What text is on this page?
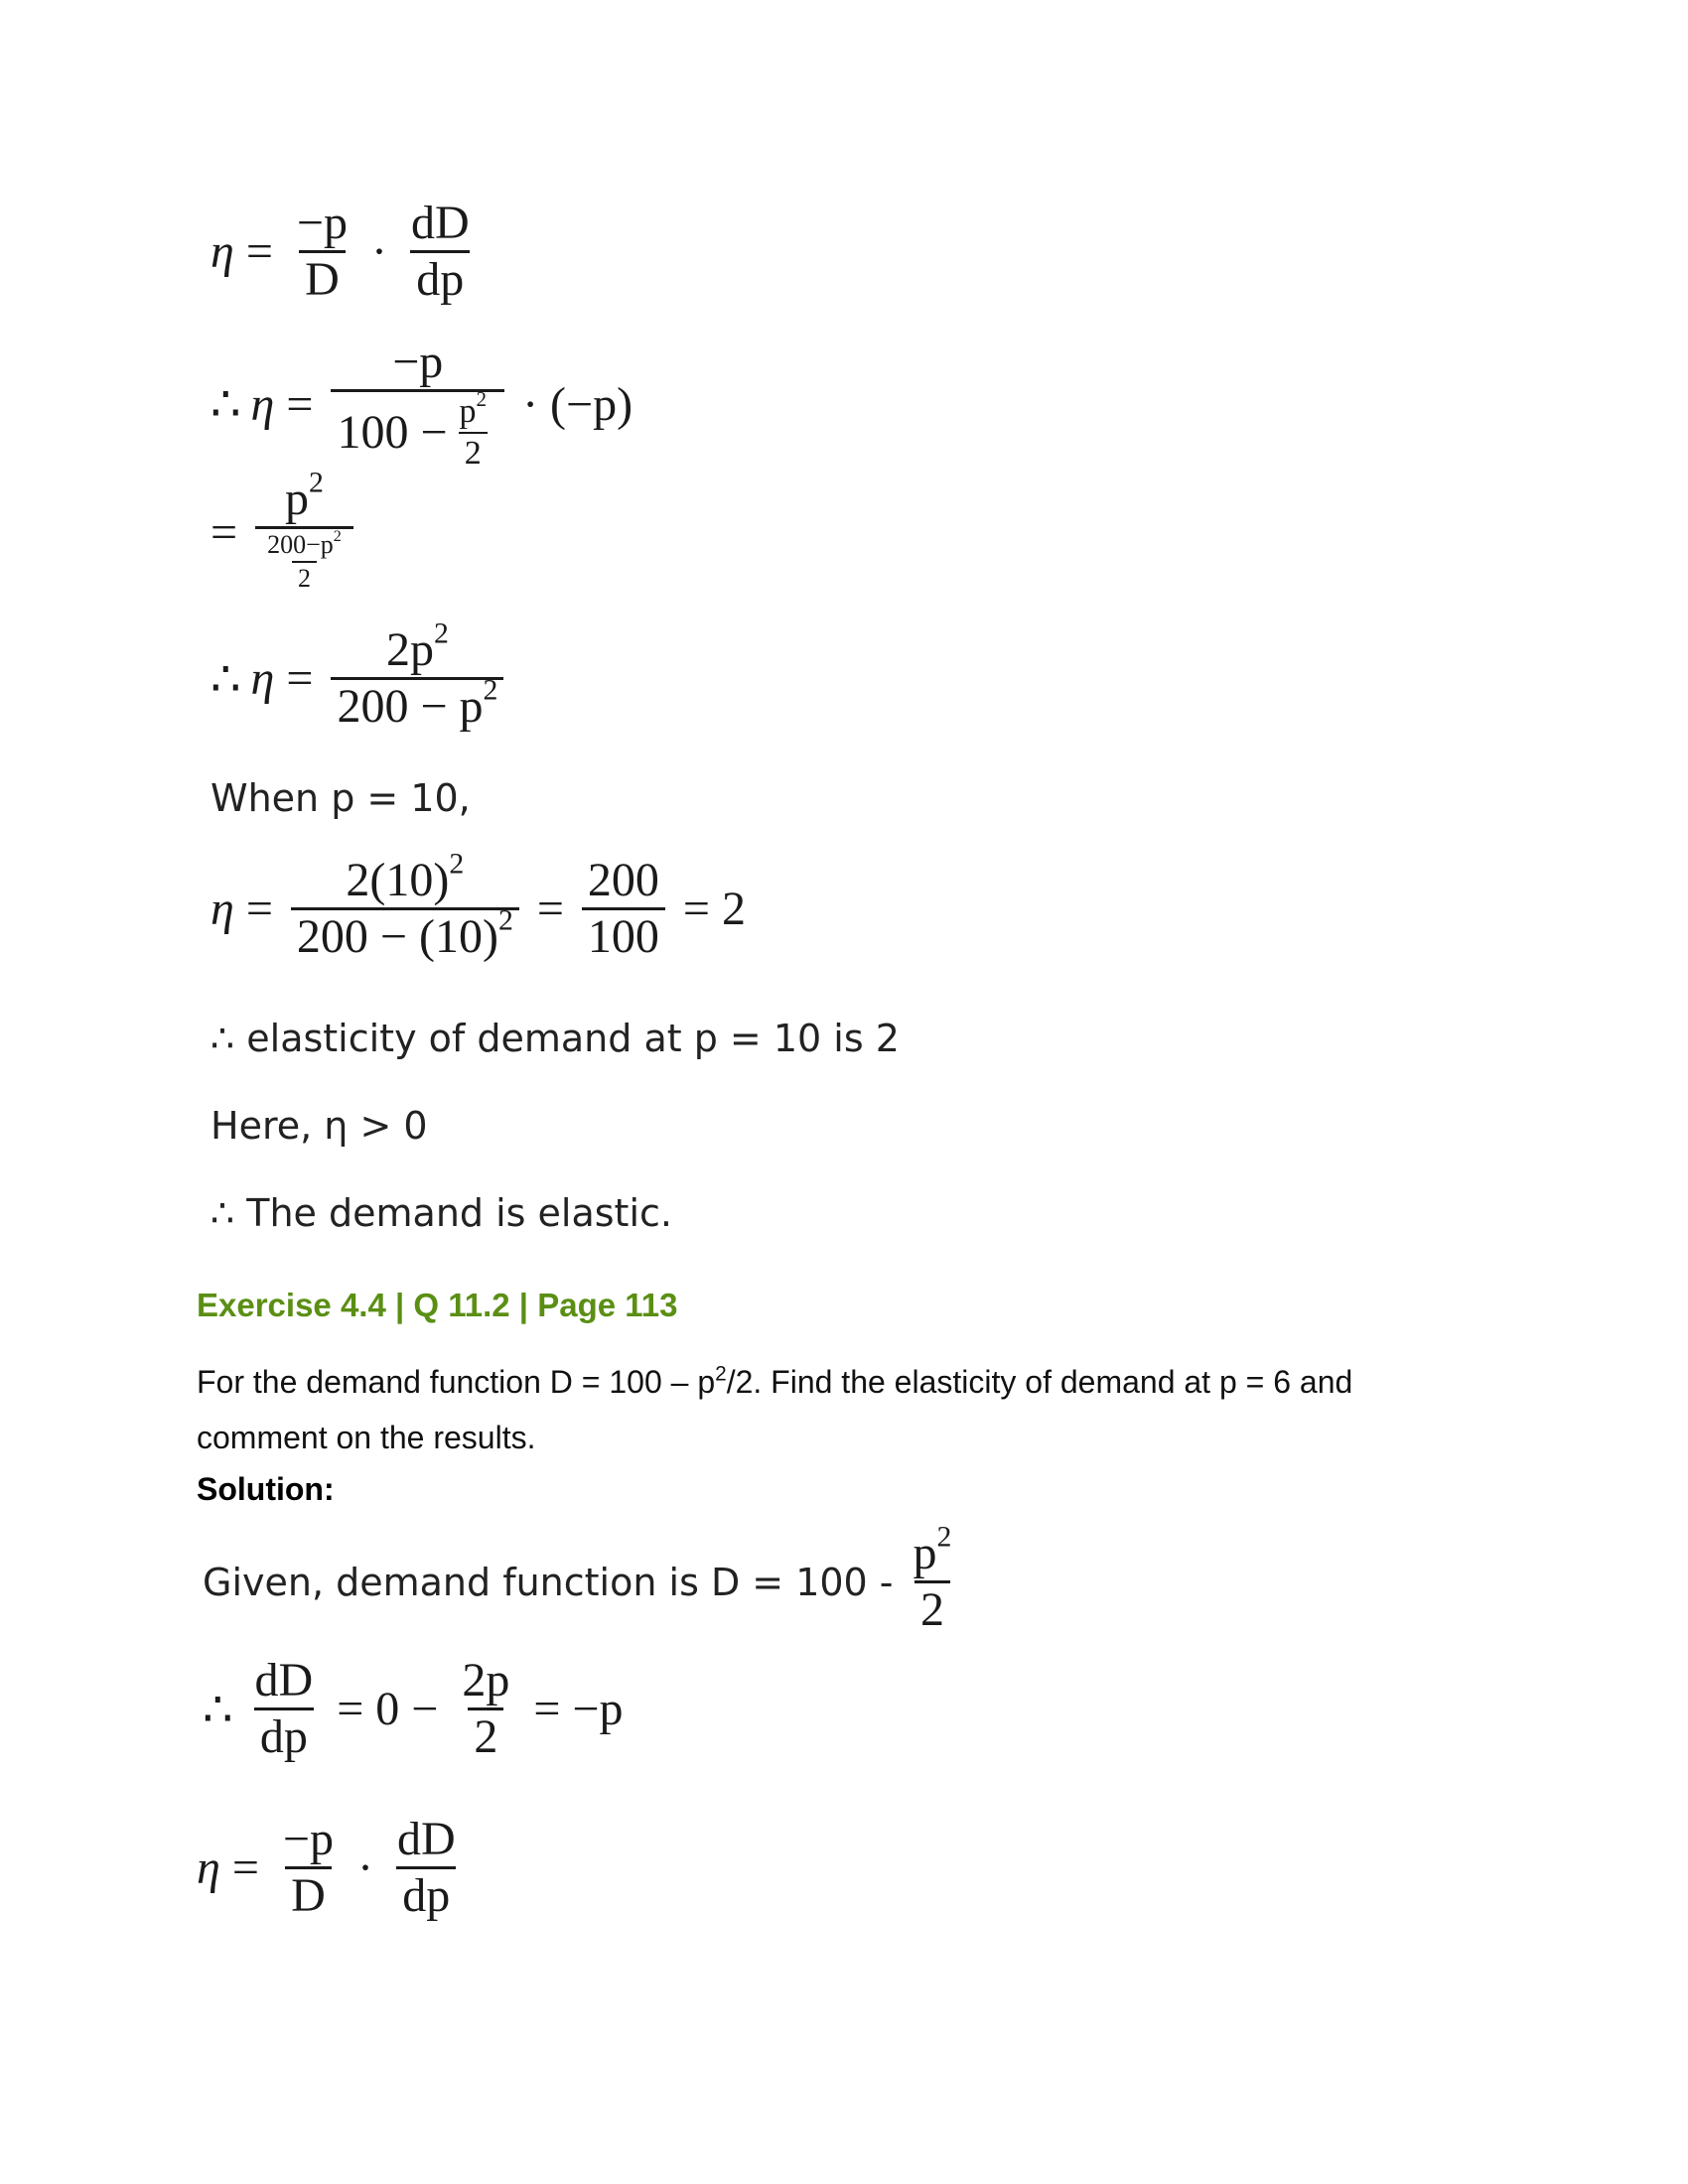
$\eta = \frac{-p}{D} \cdot \frac{dD}{dp}$
∴ $\eta = \frac{-p}{100 - \frac{p^2}{2}} \cdot (-p)$
= $\frac{p^2}{\frac{200-p^2}{2}}$
∴ $\eta = \frac{2p^2}{200 - p^2}$
When p = 10,
$\eta = \frac{2(10)^2}{200 - (10)^2} = \frac{200}{100} = 2$
∴ elasticity of demand at p = 10 is 2
Here, η > 0
∴ The demand is elastic.
Exercise 4.4 | Q 11.2 | Page 113
For the demand function $D = 100 - p^2/2$. Find the elasticity of demand at p = 6 and
comment on the results.
Solution:
Given, demand function is $D = 100 - \frac{p^2}{2}$
∴ $\frac{dD}{dp} = 0 - \frac{2p}{2} = -p$
$\eta = \frac{-p}{D} \cdot \frac{dD}{dp}$
